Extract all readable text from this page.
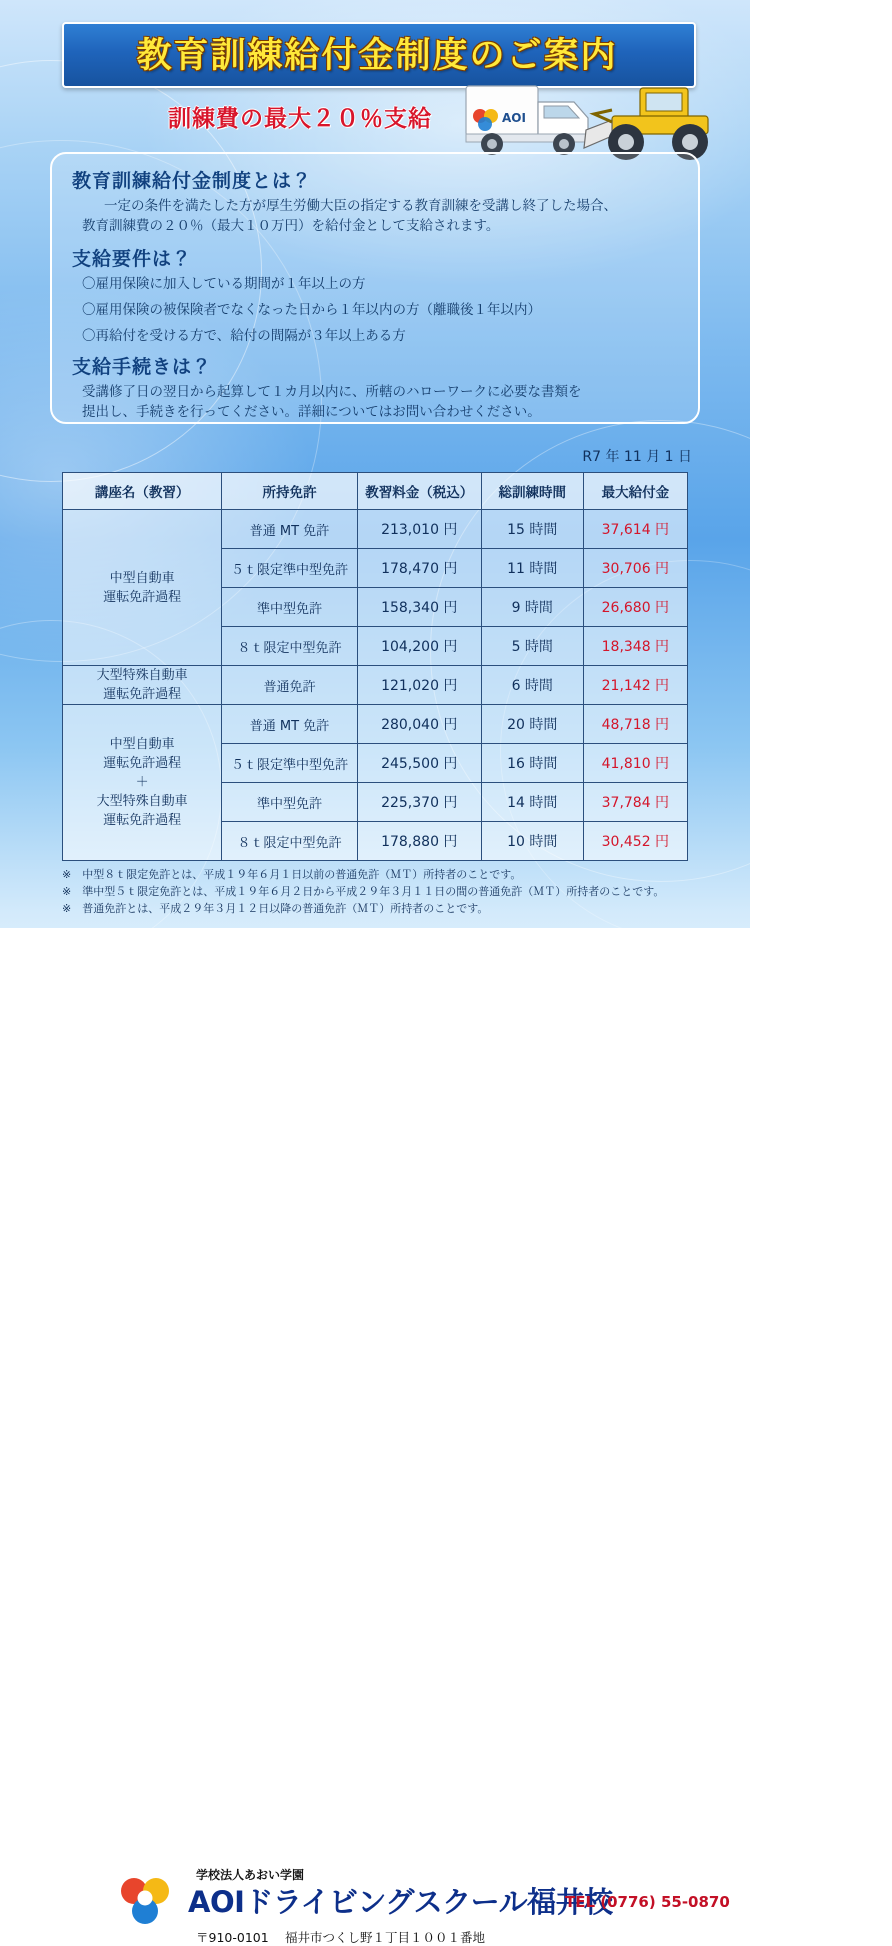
教育訓練給付金制度のご案内
訓練費の最大２０％支給	AOI
教育訓練給付金制度とは？
一定の条件を満たした方が厚生労働大臣の指定する教育訓練を受講し終了した場合、
教育訓練費の２０％（最大１０万円）を給付金として支給されます。
支給要件は？
〇雇用保険に加入している期間が１年以上の方
〇雇用保険の被保険者でなくなった日から１年以内の方（離職後１年以内）
〇再給付を受ける方で、給付の間隔が３年以上ある方
支給手続きは？
受講修了日の翌日から起算して１カ月以内に、所轄のハローワークに必要な書類を
提出し、手続きを行ってください。詳細についてはお問い合わせください。
R7 年 11 月 1 日
講座名（教習）	所持免許	教習料金（税込）	総訓練時間	最大給付金

中型自動車
運転免許過程	普通 MT 免許	213,010 円	15 時間	37,614 円
	５ｔ限定準中型免許	178,470 円	11 時間	30,706 円
	準中型免許	158,340 円	9 時間	26,680 円
	８ｔ限定中型免許	104,200 円	5 時間	18,348 円

大型特殊自動車
運転免許過程	普通免許	121,020 円	6 時間	21,142 円

中型自動車
運転免許過程
＋
大型特殊自動車
運転免許過程	普通 MT 免許	280,040 円	20 時間	48,718 円
	５ｔ限定準中型免許	245,500 円	16 時間	41,810 円
	準中型免許	225,370 円	14 時間	37,784 円
	８ｔ限定中型免許	178,880 円	10 時間	30,452 円
※　中型８ｔ限定免許とは、平成１９年６月１日以前の普通免許（ＭＴ）所持者のことです。
※　準中型５ｔ限定免許とは、平成１９年６月２日から平成２９年３月１１日の間の普通免許（ＭＴ）所持者のことです。
※　普通免許とは、平成２９年３月１２日以降の普通免許（ＭＴ）所持者のことです。
学校法人あおい学園
AOIドライビングスクール福井校
TEL (0776) 55-0870
〒910-0101 福井市つくし野１丁目１００１番地
